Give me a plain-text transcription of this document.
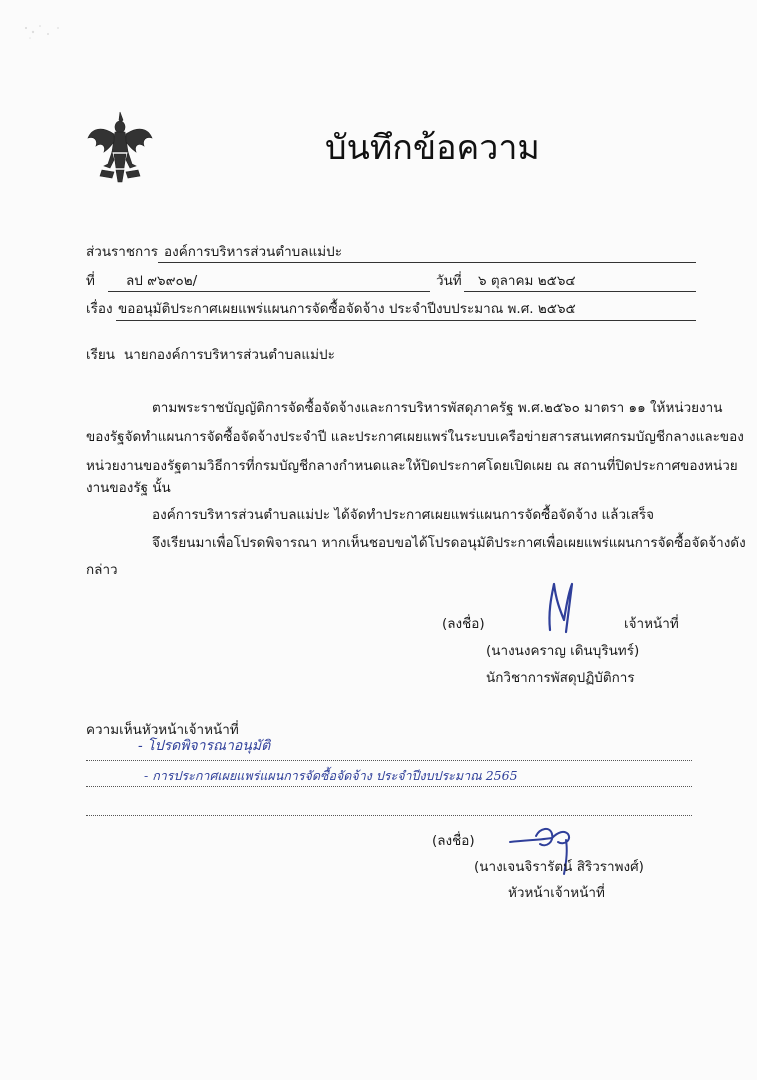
บันทึกข้อความ
ส่วนราชการ องค์การบริหารส่วนตำบลแม่ปะ
ที่ ลป ๙๖๙๐๒/	วันที่ ๖ ตุลาคม ๒๕๖๔
เรื่อง ขออนุมัติประกาศเผยแพร่แผนการจัดซื้อจัดจ้าง ประจำปีงบประมาณ พ.ศ. ๒๕๖๕
เรียน นายกองค์การบริหารส่วนตำบลแม่ปะ
ตามพระราชบัญญัติการจัดซื้อจัดจ้างและการบริหารพัสดุภาครัฐ พ.ศ.๒๕๖๐ มาตรา ๑๑ ให้หน่วยงาน
ของรัฐจัดทำแผนการจัดซื้อจัดจ้างประจำปี และประกาศเผยแพร่ในระบบเครือข่ายสารสนเทศกรมบัญชีกลางและของ
หน่วยงานของรัฐตามวิธีการที่กรมบัญชีกลางกำหนดและให้ปิดประกาศโดยเปิดเผย ณ สถานที่ปิดประกาศของหน่วย
งานของรัฐ นั้น
องค์การบริหารส่วนตำบลแม่ปะ ได้จัดทำประกาศเผยแพร่แผนการจัดซื้อจัดจ้าง แล้วเสร็จ
จึงเรียนมาเพื่อโปรดพิจารณา หากเห็นชอบขอได้โปรดอนุมัติประกาศเพื่อเผยแพร่แผนการจัดซื้อจัดจ้างดัง
กล่าว
(ลงชื่อ)	เจ้าหน้าที่
(นางนงคราญ เดินบุรินทร์)
นักวิชาการพัสดุปฏิบัติการ
ความเห็นหัวหน้าเจ้าหน้าที่
- โปรดพิจารณาอนุมัติ
- การประกาศเผยแพร่แผนการจัดซื้อจัดจ้าง ประจำปีงบประมาณ 2565
(ลงชื่อ)
(นางเจนจิรารัตน์ สิริวราพงศ์)
หัวหน้าเจ้าหน้าที่
